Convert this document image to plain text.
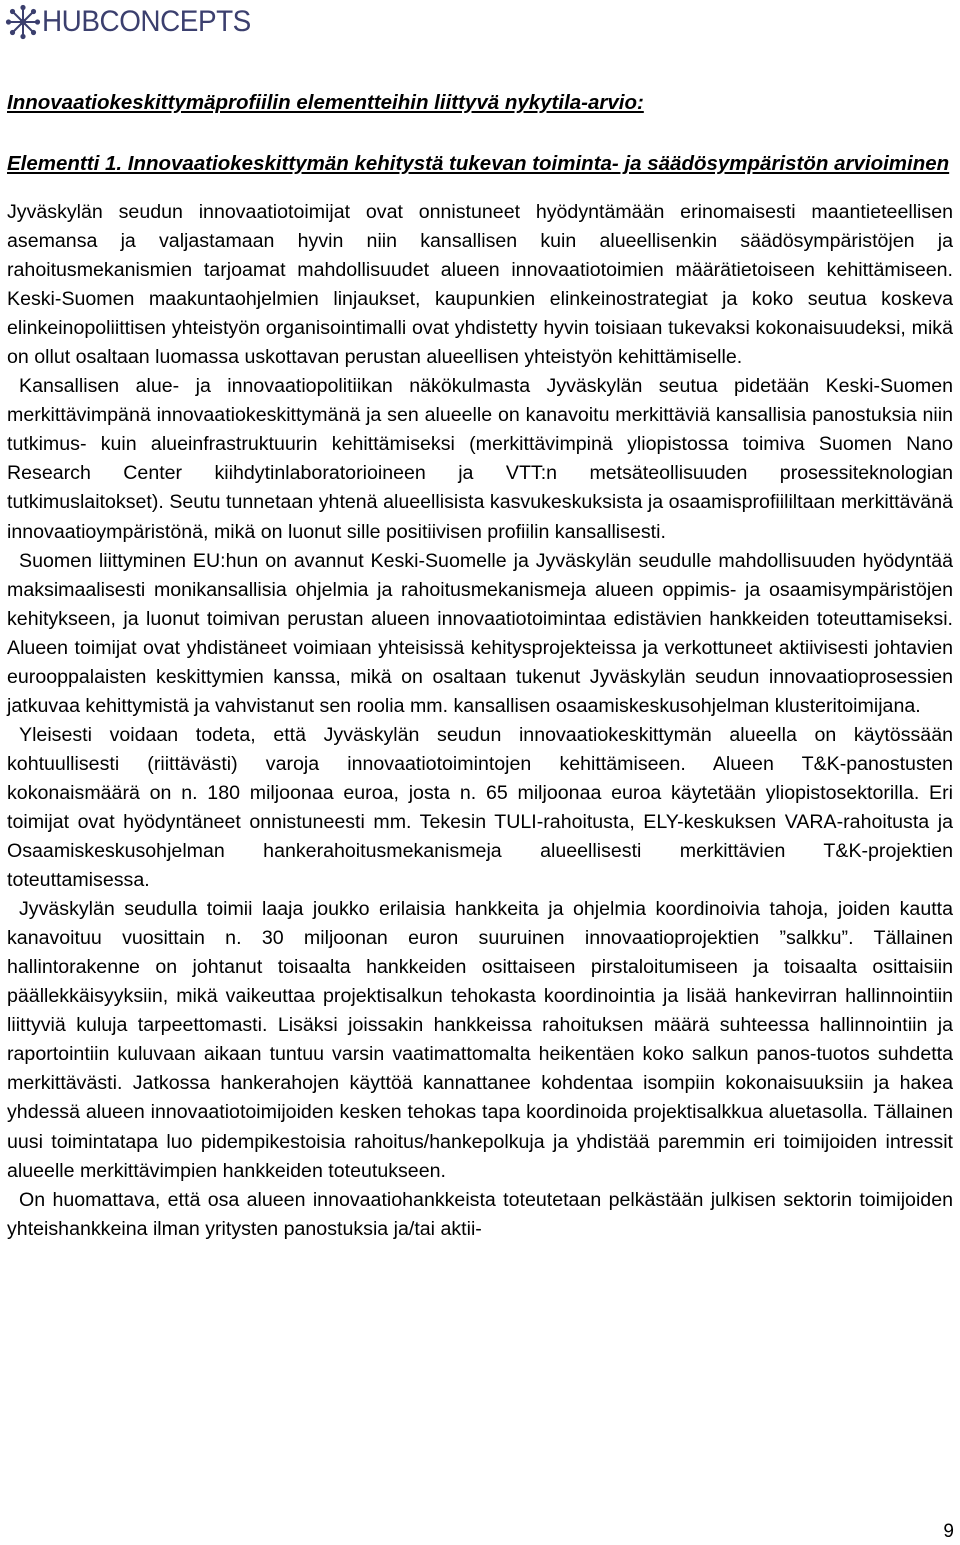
HUBCONCEPTS
Innovaatiokeskittymäprofiilin elementteihin liittyvä nykytila-arvio:
Elementti 1. Innovaatiokeskittymän kehitystä tukevan toiminta- ja säädösympäristön arvioiminen

Jyväskylän seudun innovaatiotoimijat ovat onnistuneet hyödyntämään erinomaisesti maantieteellisen asemansa ja valjastamaan hyvin niin kansallisen kuin alueellisenkin säädösympäristöjen ja rahoitusmekanismien tarjoamat mahdollisuudet alueen innovaatiotoimien määrätietoiseen kehittämiseen. Keski-Suomen maakuntaohjelmien linjaukset, kaupunkien elinkeinostrategiat ja koko seutua koskeva elinkeinopoliittisen yhteistyön organisointimalli ovat yhdistetty hyvin toisiaan tukevaksi kokonaisuudeksi, mikä on ollut osaltaan luomassa uskottavan perustan alueellisen yhteistyön kehittämiselle.

Kansallisen alue- ja innovaatiopolitiikan näkökulmasta Jyväskylän seutua pidetään Keski-Suomen merkittävimpänä innovaatiokeskittymänä ja sen alueelle on kanavoitu merkittäviä kansallisia panostuksia niin tutkimus- kuin alueinfrastruktuurin kehittämiseksi (merkittävimpinä yliopistossa toimiva Suomen Nano Research Center kiihdytinlaboratorioineen ja VTT:n metsäteollisuuden prosessiteknologian tutkimuslaitokset). Seutu tunnetaan yhtenä alueellisista kasvukeskuksista ja osaamisprofiililtaan merkittävänä innovaatioympäristönä, mikä on luonut sille positiivisen profiilin kansallisesti.

Suomen liittyminen EU:hun on avannut Keski-Suomelle ja Jyväskylän seudulle mahdollisuuden hyödyntää maksimaalisesti monikansallisia ohjelmia ja rahoitusmekanismeja alueen oppimis- ja osaamisympäristöjen kehitykseen, ja luonut toimivan perustan alueen innovaatiotoimintaa edistävien hankkeiden toteuttamiseksi. Alueen toimijat ovat yhdistäneet voimiaan yhteisissä kehitysprojekteissa ja verkottuneet aktiivisesti johtavien eurooppalaisten keskittymien kanssa, mikä on osaltaan tukenut Jyväskylän seudun innovaatioprosessien jatkuvaa kehittymistä ja vahvistanut sen roolia mm. kansallisen osaamiskeskusohjelman klusteritoimijana.

Yleisesti voidaan todeta, että Jyväskylän seudun innovaatiokeskittymän alueella on käytössään kohtuullisesti (riittävästi) varoja innovaatiotoimintojen kehittämiseen. Alueen T&K-panostusten kokonaismäärä on n. 180 miljoonaa euroa, josta n. 65 miljoonaa euroa käytetään yliopistosektorilla. Eri toimijat ovat hyödyntäneet onnistuneesti mm. Tekesin TULI-rahoitusta, ELY-keskuksen VARA-rahoitusta ja Osaamiskeskusohjelman hankerahoitusmekanismeja alueellisesti merkittävien T&K-projektien toteuttamisessa.

Jyväskylän seudulla toimii laaja joukko erilaisia hankkeita ja ohjelmia koordinoivia tahoja, joiden kautta kanavoituu vuosittain n. 30 miljoonan euron suuruinen innovaatioprojektien ”salkku”. Tällainen hallintorakenne on johtanut toisaalta hankkeiden osittaiseen pirstaloitumiseen ja toisaalta osittaisiin päällekkäisyyksiin, mikä vaikeuttaa projektisalkun tehokasta koordinointia ja lisää hankevirran hallinnointiin liittyviä kuluja tarpeettomasti. Lisäksi joissakin hankkeissa rahoituksen määrä suhteessa hallinnointiin ja raportointiin kuluvaan aikaan tuntuu varsin vaatimattomalta heikentäen koko salkun panos-tuotos suhdetta merkittävästi. Jatkossa hankerahojen käyttöä kannattanee kohdentaa isompiin kokonaisuuksiin ja hakea yhdessä alueen innovaatiotoimijoiden kesken tehokas tapa koordinoida projektisalkkua aluetasolla. Tällainen uusi toimintatapa luo pidempikestoisia rahoitus/hankepolkuja ja yhdistää paremmin eri toimijoiden intressit alueelle merkittävimpien hankkeiden toteutukseen.

On huomattava, että osa alueen innovaatiohankkeista toteutetaan pelkästään julkisen sektorin toimijoiden yhteishankkeina ilman yritysten panostuksia ja/tai aktii-

9
